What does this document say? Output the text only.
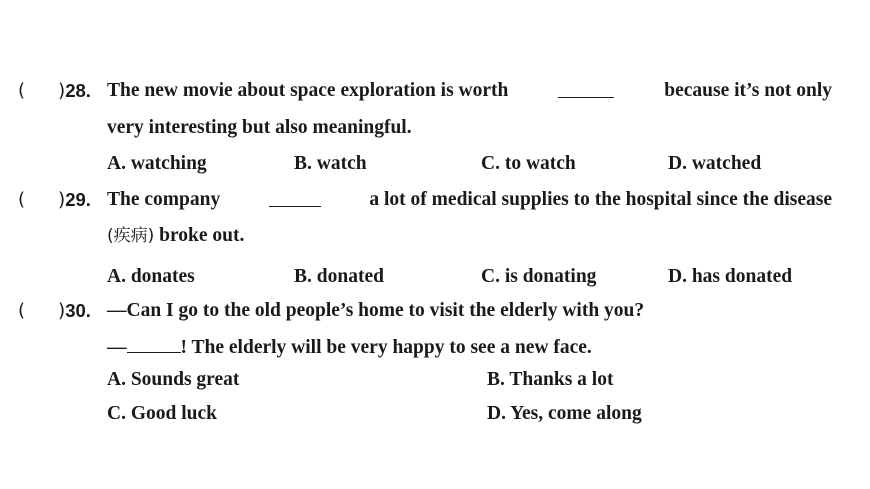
( )28. The new movie about space exploration is worth	because it’s not only
very interesting but also meaningful.
A. watching	B. watch	C. to watch	D. watched
( )29. The company	a lot of medical supplies to the hospital since the disease
(疾病) broke out.
A. donates	B. donated	C. is donating	D. has donated
( )30. —Can I go to the old people’s home to visit the elderly with you?
—	! The elderly will be very happy to see a new face.
A. Sounds great	B. Thanks a lot
C. Good luck	D. Yes, come along
